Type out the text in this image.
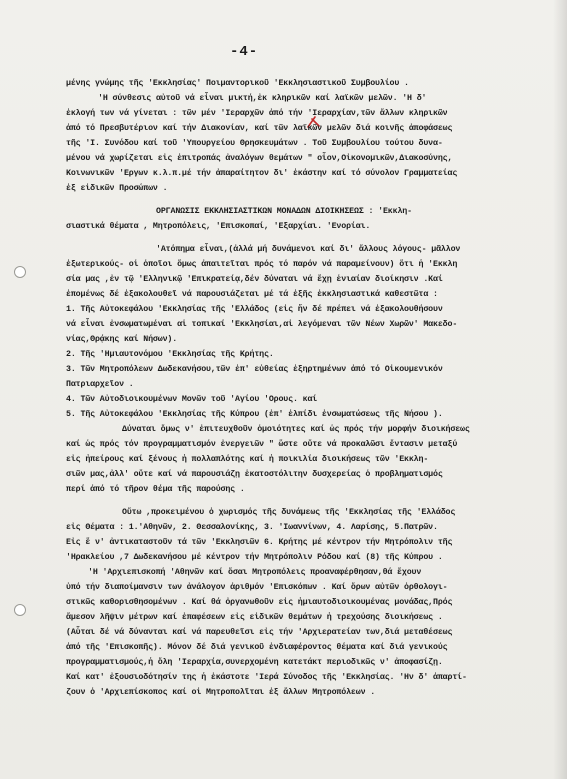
-4-
μένης γνώμης τῆς 'Εκκλησίας' Ποιμαντορικοῦ 'Εκκλησιαστικοῦ Συμβουλίου .
'Η σύνθεσις αὐτοῦ νά εἶναι μικτή,ἐκ κληρικῶν καί λαϊκῶν μελῶν. 'Η δ'
ἐκλογή των νά γίνεται : τῶν μέν 'Ιεραρχῶν ἀπό τήν 'Ιεραρχίαν,τῶν ἄλλων κληρικῶν
ἀπό τό Πρεσβυτέριον καί τήν Διακονίαν, καί τῶν λαϊκῶν μελῶν διά κοινῆς ἀποφάσεως
τῆς 'Ι. Συνόδου καί τοῦ 'Υπουργείου Θρησκευμάτων . Τοῦ Συμβουλίου τούτου δυνα-
μένου νά χωρίζεται εἰς ἐπιτροπάς ἀναλόγων θεμάτων " οἷον,Οἰκονομικῶν,Διακοσύνης,
Κοινωνικῶν 'Εργων κ.λ.π.μέ τήν ἀπαραίτητον δι' ἑκάστην καί τό σύνολον Γραμματείας
ἐξ εἰδικῶν Προσώπων .
ΟΡΓΑΝΩΣΙΣ ΕΚΚΛΗΣΙΑΣΤΙΚΩΝ ΜΟΝΑΔΩΝ ΔΙΟΙΚΗΣΕΩΣ : 'Εκκλη-
σιαστικά θέματα , Μητροπόλεις, 'Επισκοπαί, 'Εξαρχίαι. 'Ενορίαι.
'Ατόπημα εἶναι,(ἀλλά μή δυνάμενοι καί δι' ἄλλους λόγους- μᾶλλον
ἐξωτερικούς- οἱ ὁποῖοι ὅμως ἀπαιτεῖται πρός τό παρόν νά παραμείνουν) ὅτι ἡ 'Εκκλη
σία μας ,ἐν τῷ 'Ελληνικῷ 'Επικρατείᾳ,δέν δύναται νά ἔχῃ ἑνιαίαν διοίκησιν .Καί
ἐπομένως δέ ἐξακολουθεῖ νά παρουσιάζεται μέ τά ἑξῆς ἐκκλησιαστικά καθεστῶτα :
1. Τῆς Αὐτοκεφάλου 'Εκκλησίας τῆς 'Ελλάδος (εἰς ἥν δέ πρέπει νά ἐξακολουθήσουν
νά εἶναι ἐνσωματωμέναι αἱ τοπικαί 'Εκκλησίαι,αἱ λεγόμεναι τῶν Νέων Χωρῶν' Μακεδο-
νίας,Θρᾴκης καί Νήσων).
2. Τῆς 'Ημιαυτονόμου 'Εκκλησίας τῆς Κρήτης.
3. Τῶν Μητροπόλεων Δωδεκανήσου,τῶν ἐπ' εὐθείας ἐξηρτημένων ἀπό τό Οἰκουμενικόν
Πατριαρχεῖον .
4. Τῶν Αὐτοδιοικουμένων Μονῶν τοῦ 'Αγίου 'Ορους. καί
5. Τῆς Αὐτοκεφάλου 'Εκκλησίας τῆς Κύπρου (ἐπ' ἐλπίδι ἐνσωματώσεως τῆς Νήσου ).
Δύναται ὅμως ν' ἐπιτευχθοῦν ὁμοιότητες καί ὡς πρός τήν μορφήν διοικήσεως
καί ὡς πρός τόν προγραμματισμόν ἐνεργειῶν " ὥστε οὔτε νά προκαλῶσι ἔντασιν μεταξύ
εἰς ἠπείρους καί ξένους ἡ πολλαπλότης καί ἡ ποικιλία διοικήσεως τῶν 'Εκκλη-
σιῶν μας,ἀλλ' οὔτε καί νά παρουσιάζῃ ἑκατοστόλιτην δυσχερείας ὁ προβληματισμός
περί ἀπό τό τῆρον θέμα τῆς παρούσης .
Οὕτω ,προκειμένου ὁ χωρισμός τῆς δυνάμεως τῆς 'Εκκλησίας τῆς 'Ελλάδος
εἰς Θέματα : 1.'Αθηνῶν, 2. Θεσσαλονίκης, 3. 'Ιωαννίνων, 4. Λαρίσης, 5.Πατρῶν.
Εἰς ἕ ν' ἀντικαταστοῦν τά τῶν 'Εκκλησιῶν 6. Κρήτης μέ κέντρον τήν Μητρόπολιν τῆς
'Ηρακλείου ,7 Δωδεκανήσου μέ κέντρον τήν Μητρόπολιν Ρόδου καί (8) τῆς Κύπρου .
'Η 'Αρχιεπισκοπή 'Αθηνῶν καί ὅσαι Μητροπόλεις προαναφέρθησαν,θά ἔχουν
ὑπό τήν διαποίμανσιν των ἀνάλογον ἀριθμόν 'Επισκόπων . Καί ὅρων αὐτῶν ὀρθολογι-
στικῶς καθορισθησομένων . Καί θά ὀργανωθοῦν εἰς ἡμιαυτοδιοικουμένας μονάδας,Πρός
ἄμεσον λῆψιν μέτρων καί ἐπαφέσεων εἰς εἰδικῶν θεμάτων ἡ τρεχούσης διοικήσεως .
(Αὗται δέ νά δύνανται καί νά παρευθεῖσι εἰς τήν 'Αρχιερατείαν των,διά μεταθέσεως
ἀπό τῆς 'Επισκοπῆς). Μόνον δέ διά γενικοῦ ἐνδιαφέροντος θέματα καί διά γενικούς
προγραμματισμούς,ἡ ὅλη 'Ιεραρχία,συνερχομένη κατετάκτ περιοδικῶς ν' ἀποφασίζῃ.
Καί κατ' ἐξουσιοδότησίν της ἡ ἑκάστοτε 'Ιερά Σύνοδος τῆς 'Εκκλησίας. 'Ην δ' ἀπαρτί-
ζουν ὁ 'Αρχιεπίσκοπος καί οἱ Μητροπολῖται ἐξ ἄλλων Μητροπόλεων .
